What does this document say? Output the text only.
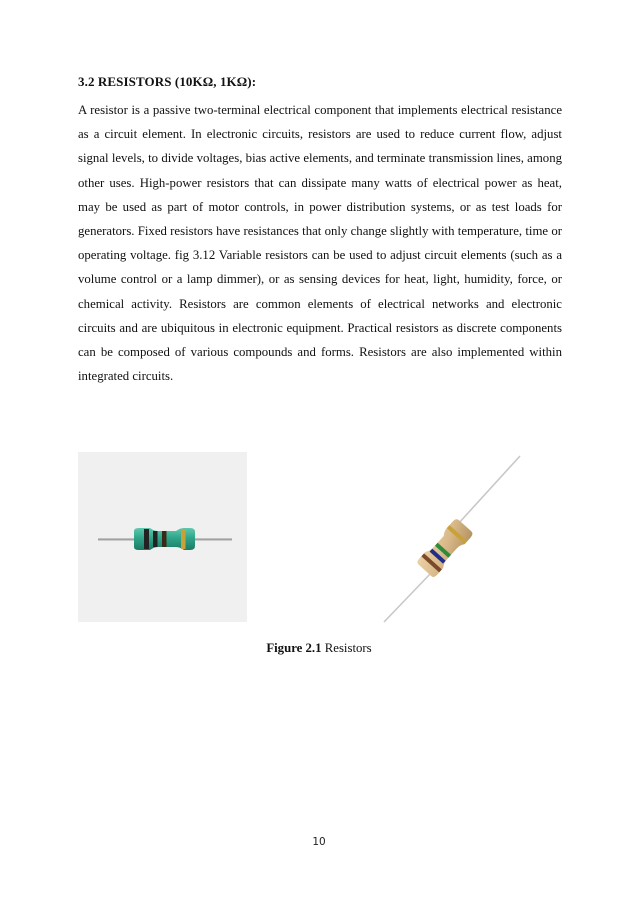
3.2 RESISTORS (10KΩ, 1KΩ):
A resistor is a passive two-terminal electrical component that implements electrical resistance as a circuit element. In electronic circuits, resistors are used to reduce current flow, adjust signal levels, to divide voltages, bias active elements, and terminate transmission lines, among other uses. High-power resistors that can dissipate many watts of electrical power as heat, may be used as part of motor controls, in power distribution systems, or as test loads for generators. Fixed resistors have resistances that only change slightly with temperature, time or operating voltage. fig 3.12 Variable resistors can be used to adjust circuit elements (such as a volume control or a lamp dimmer), or as sensing devices for heat, light, humidity, force, or chemical activity. Resistors are common elements of electrical networks and electronic circuits and are ubiquitous in electronic equipment. Practical resistors as discrete components can be composed of various compounds and forms. Resistors are also implemented within integrated circuits.
Figure 2.1 Resistors
10
